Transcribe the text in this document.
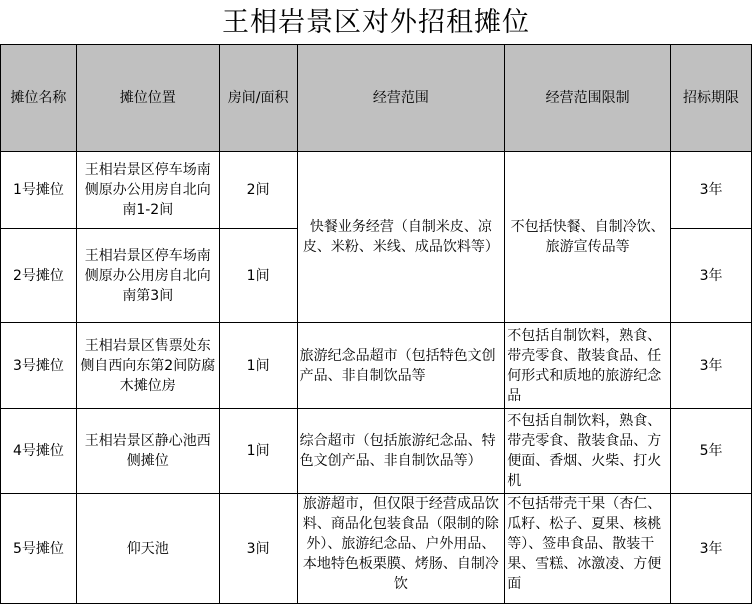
王相岩景区对外招租摊位
摊位名称	摊位位置	房间/面积	经营范围	经营范围限制	招标期限
1号摊位	王相岩景区停车场南侧原办公用房自北向南1-2间	2间	快餐业务经营（自制米皮、凉皮、米粉、米线、成品饮料等）	不包括快餐、自制冷饮、旅游宣传品等	3年
2号摊位	王相岩景区停车场南侧原办公用房自北向南第3间	1间			3年
3号摊位	王相岩景区售票处东侧自西向东第2间防腐木摊位房	1间	旅游纪念品超市（包括特色文创产品、非自制饮品等	不包括自制饮料，熟食、带壳零食、散装食品、任何形式和质地的旅游纪念品	3年
4号摊位	王相岩景区静心池西侧摊位	1间	综合超市（包括旅游纪念品、特色文创产品、非自制饮品等）	不包括自制饮料，熟食、带壳零食、散装食品、方便面、香烟、火柴、打火机	5年
5号摊位	仰天池	3间	旅游超市，但仅限于经营成品饮料、商品化包装食品（限制的除外）、旅游纪念品、户外用品、本地特色板栗膜、烤肠、自制冷饮	不包括带壳干果（杏仁、瓜籽、松子、夏果、核桃等）、签串食品、散装干果、雪糕、冰激凌、方便面	3年
